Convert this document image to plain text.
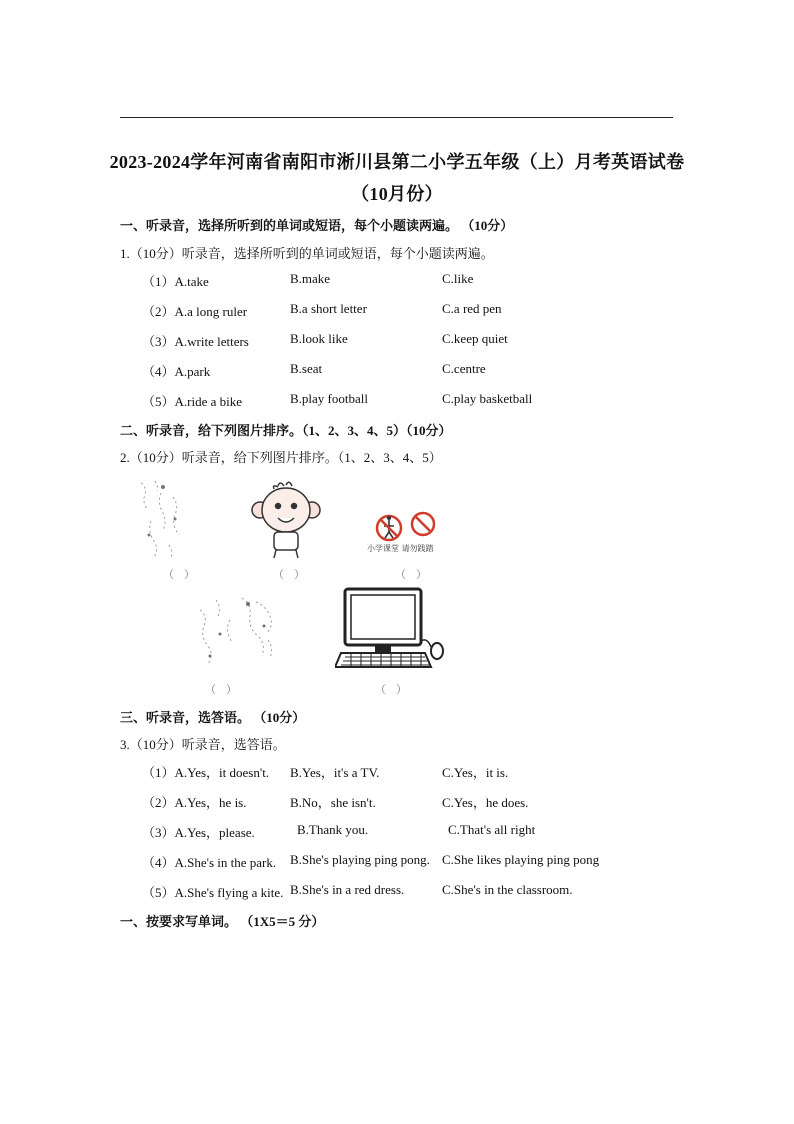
2023-2024学年河南省南阳市淅川县第二小学五年级（上）月考英语试卷
（10月份）
一、听录音，选择所听到的单词或短语，每个小题读两遍。 （10分）
1.（10分）听录音，选择所听到的单词或短语，每个小题读两遍。
（1）A.take	B.make	C.like
（2）A.a long ruler	B.a short letter	C.a red pen
（3）A.write letters	B.look like	C.keep quiet
（4）A.park	B.seat	C.centre
（5）A.ride a bike	B.play football	C.play basketball
二、听录音，给下列图片排序。（1、2、3、4、5）（10分）
2.（10分）听录音，给下列图片排序。（1、2、3、4、5）
（）	（）
小学课堂 请勿践踏
（）
（）	（）
三、听录音，选答语。 （10分）
3.（10分）听录音，选答语。
（1）A.Yes，it doesn't. B.Yes，it's a TV.	C.Yes，it is.
（2）A.Yes，he is.	B.No，she isn't.	C.Yes，he does.
（3）A.Yes，please.	B.Thank you.	C.That's all right
（4）A.She's in the park. B.She's playing ping pong. C.She likes playing ping pong
（5）A.She's flying a kite. B.She's in a red dress.	C.She's in the classroom.
一、按要求写单词。 （1X5＝5 分）
